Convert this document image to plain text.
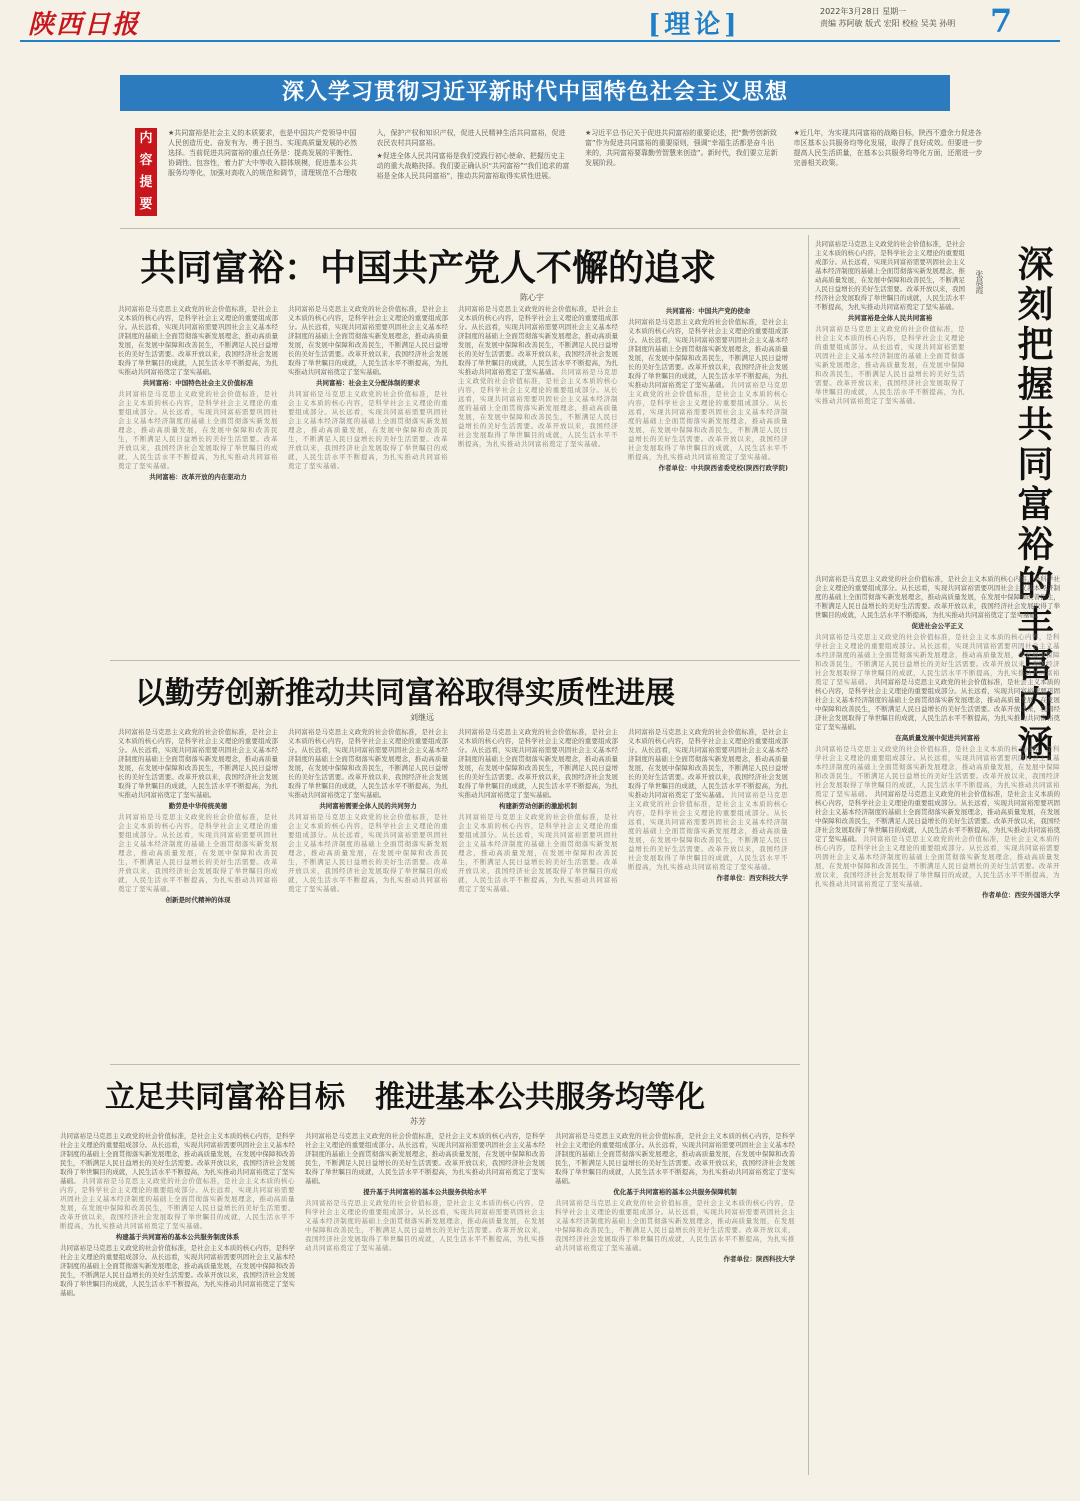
陕西日报	[理论]	2022年3月28日 星期一
责编 苏阿敏 版式 宏阳 校检 吴美 孙明 7
深入学习贯彻习近平新时代中国特色社会主义思想
内容提要

★共同富裕是社会主义的本质要求，也是中国共产党领导中国人民创造历史、奋发有为、勇于担当、实现高质量发展的必然选择。当前促进共同富裕的重点任务是：提高发展的平衡性、协调性、包容性，着力扩大中等收入群体规模，促进基本公共服务均等化，加强对高收入的规范和调节，清理规范不合理收入，保护产权和知识产权，促进人民精神生活共同富裕，促进农民农村共同富裕。

★促进全体人民共同富裕是我们党践行初心使命、把握历史主动的重大战略抉择。我们要正确认识“共同富裕”“我们追求的富裕是全体人民共同富裕”，推动共同富裕取得实质性进展。

★习近平总书记关于促进共同富裕的重要论述，把“勤劳创新致富”作为促进共同富裕的重要原则，强调“幸福生活都是奋斗出来的，共同富裕要靠勤劳智慧来创造”。新时代，我们要立足新发展阶段。

★近几年，为实现共同富裕的战略目标，陕西不遗余力促进各市区基本公共服务均等化发展，取得了良好成效。但要进一步提高人民生活质量，在基本公共服务均等化方面，还需进一步完善相关政策。

共同富裕：中国共产党人不懈的追求
陈心宇
共同富裕是马克思主义政党的社会价值标准，是社会主义本质的核心内容，是科学社会主义理论的重要组成部分。从长远看，实现共同富裕需要巩固社会主义基本经济制度的基础上全面贯彻落实新发展理念，推动高质量发展，在发展中保障和改善民生，不断满足人民日益增长的美好生活需要。改革开放以来，我国经济社会发展取得了举世瞩目的成就，人民生活水平不断提高，为扎实推动共同富裕奠定了坚实基础。
共同富裕：中国特色社会主义价值标准
共同富裕是马克思主义政党的社会价值标准，是社会主义本质的核心内容，是科学社会主义理论的重要组成部分。从长远看，实现共同富裕需要巩固社会主义基本经济制度的基础上全面贯彻落实新发展理念，推动高质量发展，在发展中保障和改善民生，不断满足人民日益增长的美好生活需要。改革开放以来，我国经济社会发展取得了举世瞩目的成就，人民生活水平不断提高，为扎实推动共同富裕奠定了坚实基础。
共同富裕：改革开放的内在驱动力
共同富裕是马克思主义政党的社会价值标准，是社会主义本质的核心内容，是科学社会主义理论的重要组成部分。从长远看，实现共同富裕需要巩固社会主义基本经济制度的基础上全面贯彻落实新发展理念，推动高质量发展，在发展中保障和改善民生，不断满足人民日益增长的美好生活需要。改革开放以来，我国经济社会发展取得了举世瞩目的成就，人民生活水平不断提高，为扎实推动共同富裕奠定了坚实基础。
共同富裕：社会主义分配体制的要求
共同富裕是马克思主义政党的社会价值标准，是社会主义本质的核心内容，是科学社会主义理论的重要组成部分。从长远看，实现共同富裕需要巩固社会主义基本经济制度的基础上全面贯彻落实新发展理念，推动高质量发展，在发展中保障和改善民生，不断满足人民日益增长的美好生活需要。改革开放以来，我国经济社会发展取得了举世瞩目的成就，人民生活水平不断提高，为扎实推动共同富裕奠定了坚实基础。
共同富裕是马克思主义政党的社会价值标准，是社会主义本质的核心内容，是科学社会主义理论的重要组成部分。从长远看，实现共同富裕需要巩固社会主义基本经济制度的基础上全面贯彻落实新发展理念，推动高质量发展，在发展中保障和改善民生，不断满足人民日益增长的美好生活需要。改革开放以来，我国经济社会发展取得了举世瞩目的成就，人民生活水平不断提高，为扎实推动共同富裕奠定了坚实基础。 共同富裕是马克思主义政党的社会价值标准，是社会主义本质的核心内容，是科学社会主义理论的重要组成部分。从长远看，实现共同富裕需要巩固社会主义基本经济制度的基础上全面贯彻落实新发展理念，推动高质量发展，在发展中保障和改善民生，不断满足人民日益增长的美好生活需要。改革开放以来，我国经济社会发展取得了举世瞩目的成就，人民生活水平不断提高，为扎实推动共同富裕奠定了坚实基础。
共同富裕：中国共产党的使命
共同富裕是马克思主义政党的社会价值标准，是社会主义本质的核心内容，是科学社会主义理论的重要组成部分。从长远看，实现共同富裕需要巩固社会主义基本经济制度的基础上全面贯彻落实新发展理念，推动高质量发展，在发展中保障和改善民生，不断满足人民日益增长的美好生活需要。改革开放以来，我国经济社会发展取得了举世瞩目的成就，人民生活水平不断提高，为扎实推动共同富裕奠定了坚实基础。 共同富裕是马克思主义政党的社会价值标准，是社会主义本质的核心内容，是科学社会主义理论的重要组成部分。从长远看，实现共同富裕需要巩固社会主义基本经济制度的基础上全面贯彻落实新发展理念，推动高质量发展，在发展中保障和改善民生，不断满足人民日益增长的美好生活需要。改革开放以来，我国经济社会发展取得了举世瞩目的成就，人民生活水平不断提高，为扎实推动共同富裕奠定了坚实基础。
作者单位：中共陕西省委党校(陕西行政学院)
以勤劳创新推动共同富裕取得实质性进展
刘继远
共同富裕是马克思主义政党的社会价值标准，是社会主义本质的核心内容，是科学社会主义理论的重要组成部分。从长远看，实现共同富裕需要巩固社会主义基本经济制度的基础上全面贯彻落实新发展理念，推动高质量发展，在发展中保障和改善民生，不断满足人民日益增长的美好生活需要。改革开放以来，我国经济社会发展取得了举世瞩目的成就，人民生活水平不断提高，为扎实推动共同富裕奠定了坚实基础。
勤劳是中华传统美德
共同富裕是马克思主义政党的社会价值标准，是社会主义本质的核心内容，是科学社会主义理论的重要组成部分。从长远看，实现共同富裕需要巩固社会主义基本经济制度的基础上全面贯彻落实新发展理念，推动高质量发展，在发展中保障和改善民生，不断满足人民日益增长的美好生活需要。改革开放以来，我国经济社会发展取得了举世瞩目的成就，人民生活水平不断提高，为扎实推动共同富裕奠定了坚实基础。
创新是时代精神的体现
共同富裕是马克思主义政党的社会价值标准，是社会主义本质的核心内容，是科学社会主义理论的重要组成部分。从长远看，实现共同富裕需要巩固社会主义基本经济制度的基础上全面贯彻落实新发展理念，推动高质量发展，在发展中保障和改善民生，不断满足人民日益增长的美好生活需要。改革开放以来，我国经济社会发展取得了举世瞩目的成就，人民生活水平不断提高，为扎实推动共同富裕奠定了坚实基础。
共同富裕需要全体人民的共同努力
共同富裕是马克思主义政党的社会价值标准，是社会主义本质的核心内容，是科学社会主义理论的重要组成部分。从长远看，实现共同富裕需要巩固社会主义基本经济制度的基础上全面贯彻落实新发展理念，推动高质量发展，在发展中保障和改善民生，不断满足人民日益增长的美好生活需要。改革开放以来，我国经济社会发展取得了举世瞩目的成就，人民生活水平不断提高，为扎实推动共同富裕奠定了坚实基础。
共同富裕是马克思主义政党的社会价值标准，是社会主义本质的核心内容，是科学社会主义理论的重要组成部分。从长远看，实现共同富裕需要巩固社会主义基本经济制度的基础上全面贯彻落实新发展理念，推动高质量发展，在发展中保障和改善民生，不断满足人民日益增长的美好生活需要。改革开放以来，我国经济社会发展取得了举世瞩目的成就，人民生活水平不断提高，为扎实推动共同富裕奠定了坚实基础。
构建新劳动创新的激励机制
共同富裕是马克思主义政党的社会价值标准，是社会主义本质的核心内容，是科学社会主义理论的重要组成部分。从长远看，实现共同富裕需要巩固社会主义基本经济制度的基础上全面贯彻落实新发展理念，推动高质量发展，在发展中保障和改善民生，不断满足人民日益增长的美好生活需要。改革开放以来，我国经济社会发展取得了举世瞩目的成就，人民生活水平不断提高，为扎实推动共同富裕奠定了坚实基础。
共同富裕是马克思主义政党的社会价值标准，是社会主义本质的核心内容，是科学社会主义理论的重要组成部分。从长远看，实现共同富裕需要巩固社会主义基本经济制度的基础上全面贯彻落实新发展理念，推动高质量发展，在发展中保障和改善民生，不断满足人民日益增长的美好生活需要。改革开放以来，我国经济社会发展取得了举世瞩目的成就，人民生活水平不断提高，为扎实推动共同富裕奠定了坚实基础。 共同富裕是马克思主义政党的社会价值标准，是社会主义本质的核心内容，是科学社会主义理论的重要组成部分。从长远看，实现共同富裕需要巩固社会主义基本经济制度的基础上全面贯彻落实新发展理念，推动高质量发展，在发展中保障和改善民生，不断满足人民日益增长的美好生活需要。改革开放以来，我国经济社会发展取得了举世瞩目的成就，人民生活水平不断提高，为扎实推动共同富裕奠定了坚实基础。
作者单位：西安科技大学
立足共同富裕目标　推进基本公共服务均等化
苏芳
共同富裕是马克思主义政党的社会价值标准，是社会主义本质的核心内容，是科学社会主义理论的重要组成部分。从长远看，实现共同富裕需要巩固社会主义基本经济制度的基础上全面贯彻落实新发展理念，推动高质量发展，在发展中保障和改善民生，不断满足人民日益增长的美好生活需要。改革开放以来，我国经济社会发展取得了举世瞩目的成就，人民生活水平不断提高，为扎实推动共同富裕奠定了坚实基础。 共同富裕是马克思主义政党的社会价值标准，是社会主义本质的核心内容，是科学社会主义理论的重要组成部分。从长远看，实现共同富裕需要巩固社会主义基本经济制度的基础上全面贯彻落实新发展理念，推动高质量发展，在发展中保障和改善民生，不断满足人民日益增长的美好生活需要。改革开放以来，我国经济社会发展取得了举世瞩目的成就，人民生活水平不断提高，为扎实推动共同富裕奠定了坚实基础。
构建基于共同富裕的基本公共服务制度体系
共同富裕是马克思主义政党的社会价值标准，是社会主义本质的核心内容，是科学社会主义理论的重要组成部分。从长远看，实现共同富裕需要巩固社会主义基本经济制度的基础上全面贯彻落实新发展理念，推动高质量发展，在发展中保障和改善民生，不断满足人民日益增长的美好生活需要。改革开放以来，我国经济社会发展取得了举世瞩目的成就，人民生活水平不断提高，为扎实推动共同富裕奠定了坚实基础。
共同富裕是马克思主义政党的社会价值标准，是社会主义本质的核心内容，是科学社会主义理论的重要组成部分。从长远看，实现共同富裕需要巩固社会主义基本经济制度的基础上全面贯彻落实新发展理念，推动高质量发展，在发展中保障和改善民生，不断满足人民日益增长的美好生活需要。改革开放以来，我国经济社会发展取得了举世瞩目的成就，人民生活水平不断提高，为扎实推动共同富裕奠定了坚实基础。
提升基于共同富裕的基本公共服务供给水平
共同富裕是马克思主义政党的社会价值标准，是社会主义本质的核心内容，是科学社会主义理论的重要组成部分。从长远看，实现共同富裕需要巩固社会主义基本经济制度的基础上全面贯彻落实新发展理念，推动高质量发展，在发展中保障和改善民生，不断满足人民日益增长的美好生活需要。改革开放以来，我国经济社会发展取得了举世瞩目的成就，人民生活水平不断提高，为扎实推动共同富裕奠定了坚实基础。
共同富裕是马克思主义政党的社会价值标准，是社会主义本质的核心内容，是科学社会主义理论的重要组成部分。从长远看，实现共同富裕需要巩固社会主义基本经济制度的基础上全面贯彻落实新发展理念，推动高质量发展，在发展中保障和改善民生，不断满足人民日益增长的美好生活需要。改革开放以来，我国经济社会发展取得了举世瞩目的成就，人民生活水平不断提高，为扎实推动共同富裕奠定了坚实基础。
优化基于共同富裕的基本公共服务保障机制
共同富裕是马克思主义政党的社会价值标准，是社会主义本质的核心内容，是科学社会主义理论的重要组成部分。从长远看，实现共同富裕需要巩固社会主义基本经济制度的基础上全面贯彻落实新发展理念，推动高质量发展，在发展中保障和改善民生，不断满足人民日益增长的美好生活需要。改革开放以来，我国经济社会发展取得了举世瞩目的成就，人民生活水平不断提高，为扎实推动共同富裕奠定了坚实基础。
作者单位：陕西科技大学
共同富裕是马克思主义政党的社会价值标准，是社会主义本质的核心内容，是科学社会主义理论的重要组成部分。从长远看，实现共同富裕需要巩固社会主义基本经济制度的基础上全面贯彻落实新发展理念，推动高质量发展，在发展中保障和改善民生，不断满足人民日益增长的美好生活需要。改革开放以来，我国经济社会发展取得了举世瞩目的成就，人民生活水平不断提高，为扎实推动共同富裕奠定了坚实基础。
共同富裕是全体人民共同富裕
共同富裕是马克思主义政党的社会价值标准，是社会主义本质的核心内容，是科学社会主义理论的重要组成部分。从长远看，实现共同富裕需要巩固社会主义基本经济制度的基础上全面贯彻落实新发展理念，推动高质量发展，在发展中保障和改善民生，不断满足人民日益增长的美好生活需要。改革开放以来，我国经济社会发展取得了举世瞩目的成就，人民生活水平不断提高，为扎实推动共同富裕奠定了坚实基础。
张晨霞 深刻把握共同富裕的丰富内涵
共同富裕是马克思主义政党的社会价值标准，是社会主义本质的核心内容，是科学社会主义理论的重要组成部分。从长远看，实现共同富裕需要巩固社会主义基本经济制度的基础上全面贯彻落实新发展理念，推动高质量发展，在发展中保障和改善民生，不断满足人民日益增长的美好生活需要。改革开放以来，我国经济社会发展取得了举世瞩目的成就，人民生活水平不断提高，为扎实推动共同富裕奠定了坚实基础。
促进社会公平正义
共同富裕是马克思主义政党的社会价值标准，是社会主义本质的核心内容，是科学社会主义理论的重要组成部分。从长远看，实现共同富裕需要巩固社会主义基本经济制度的基础上全面贯彻落实新发展理念，推动高质量发展，在发展中保障和改善民生，不断满足人民日益增长的美好生活需要。改革开放以来，我国经济社会发展取得了举世瞩目的成就，人民生活水平不断提高，为扎实推动共同富裕奠定了坚实基础。 共同富裕是马克思主义政党的社会价值标准，是社会主义本质的核心内容，是科学社会主义理论的重要组成部分。从长远看，实现共同富裕需要巩固社会主义基本经济制度的基础上全面贯彻落实新发展理念，推动高质量发展，在发展中保障和改善民生，不断满足人民日益增长的美好生活需要。改革开放以来，我国经济社会发展取得了举世瞩目的成就，人民生活水平不断提高，为扎实推动共同富裕奠定了坚实基础。
在高质量发展中促进共同富裕
共同富裕是马克思主义政党的社会价值标准，是社会主义本质的核心内容，是科学社会主义理论的重要组成部分。从长远看，实现共同富裕需要巩固社会主义基本经济制度的基础上全面贯彻落实新发展理念，推动高质量发展，在发展中保障和改善民生，不断满足人民日益增长的美好生活需要。改革开放以来，我国经济社会发展取得了举世瞩目的成就，人民生活水平不断提高，为扎实推动共同富裕奠定了坚实基础。 共同富裕是马克思主义政党的社会价值标准，是社会主义本质的核心内容，是科学社会主义理论的重要组成部分。从长远看，实现共同富裕需要巩固社会主义基本经济制度的基础上全面贯彻落实新发展理念，推动高质量发展，在发展中保障和改善民生，不断满足人民日益增长的美好生活需要。改革开放以来，我国经济社会发展取得了举世瞩目的成就，人民生活水平不断提高，为扎实推动共同富裕奠定了坚实基础。 共同富裕是马克思主义政党的社会价值标准，是社会主义本质的核心内容，是科学社会主义理论的重要组成部分。从长远看，实现共同富裕需要巩固社会主义基本经济制度的基础上全面贯彻落实新发展理念，推动高质量发展，在发展中保障和改善民生，不断满足人民日益增长的美好生活需要。改革开放以来，我国经济社会发展取得了举世瞩目的成就，人民生活水平不断提高，为扎实推动共同富裕奠定了坚实基础。
作者单位：西安外国语大学
